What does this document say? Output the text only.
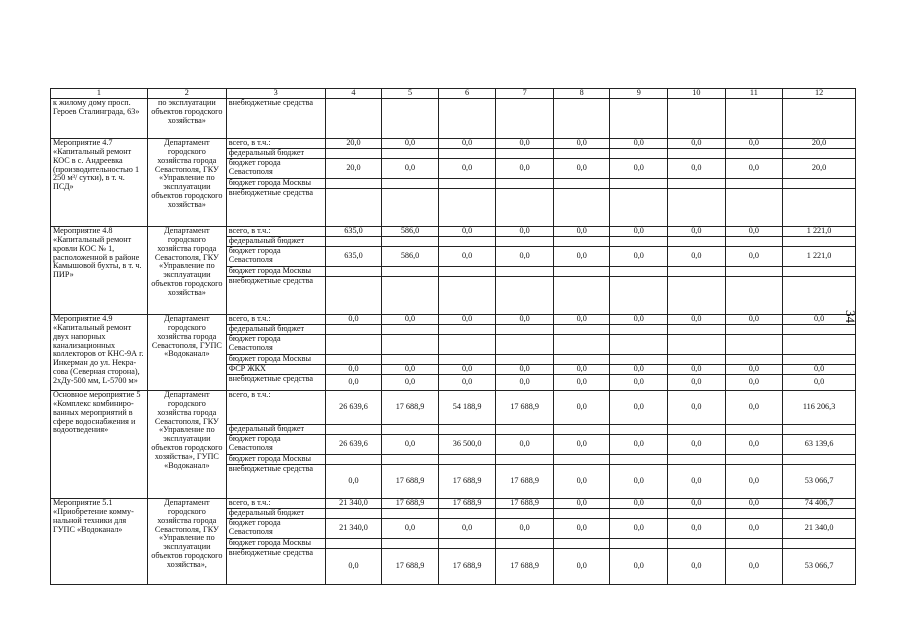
1	2	3	4	5	6	7	8	9	10	11	12
к жилому дому просп. Героев Сталинграда, 63»	по эксплуатации объектов городского хозяйства»	внебюджетные средства									
Мероприятие 4.7 «Капитальный ремонт КОС в с. Андреевка (производительностью 1 250 м³/ сутки), в т. ч. ПСД»	Департамент городского хозяйства города Севастополя, ГКУ «Управление по эксплуатации объектов городского хозяйства»	всего, в т.ч.:	20,0	0,0	0,0	0,0	0,0	0,0	0,0	0,0	20,0
		федеральный бюджет									

		бюджет города Севастополя	20,0	0,0	0,0	0,0	0,0	0,0	0,0	0,0	20,0
		бюджет города Москвы									
		внебюджетные средства									
Мероприятие 4.8 «Капитальный ремонт кровли КОС № 1, расположенной в районе Камышовой бухты, в т. ч. ПИР»	Департамент городского хозяйства города Севастополя, ГКУ «Управление по эксплуатации объектов городского хозяйства»	всего, в т.ч.:	635,0	586,0	0,0	0,0	0,0	0,0	0,0	0,0	1 221,0
		федеральный бюджет									

		бюджет города Севастополя	635,0	586,0	0,0	0,0	0,0	0,0	0,0	0,0	1 221,0
		бюджет города Москвы									
		внебюджетные средства									
Мероприятие 4.9 «Капитальный ремонт двух напорных канализационных коллекторов от КНС-9А г. Инкерман до ул. Некра-сова (Северная сторона), 2хДу-500 мм, L-5700 м»	Департамент городского хозяйства города Севастополя, ГУПС «Водоканал»	всего, в т.ч.:	0,0	0,0	0,0	0,0	0,0	0,0	0,0	0,0	0,0
		федеральный бюджет									

		бюджет города Севастополя									

		бюджет города Москвы									
		ФСР ЖКХ	0,0	0,0	0,0	0,0	0,0	0,0	0,0	0,0	0,0
		внебюджетные средства	0,0	0,0	0,0	0,0	0,0	0,0	0,0	0,0	0,0
Основное мероприятие 5 «Комплекс комбиниро-ванных мероприятий в сфере водоснабжения и водоотведения»	Департамент городского хозяйства города Севастополя, ГКУ «Управление по эксплуатации объектов городского хозяйства», ГУПС «Водоканал»	всего, в т.ч.:	26 639,6	17 688,9	54 188,9	17 688,9	0,0	0,0	0,0	0,0	116 206,3
		федеральный бюджет									

		бюджет города Севастополя	26 639,6	0,0	36 500,0	0,0	0,0	0,0	0,0	0,0	63 139,6
		бюджет города Москвы									
		внебюджетные средства	0,0	17 688,9	17 688,9	17 688,9	0,0	0,0	0,0	0,0	53 066,7
Мероприятие 5.1 «Приобретение комму-нальной техники для ГУПС «Водоканал»	Департамент городского хозяйства города Севастополя, ГКУ «Управление по эксплуатации объектов городского хозяйства»,	всего, в т.ч.:	21 340,0	17 688,9	17 688,9	17 688,9	0,0	0,0	0,0	0,0	74 406,7
		федеральный бюджет									

		бюджет города Севастополя	21 340,0	0,0	0,0	0,0	0,0	0,0	0,0	0,0	21 340,0
		бюджет города Москвы									
		внебюджетные средства	0,0	17 688,9	17 688,9	17 688,9	0,0	0,0	0,0	0,0	53 066,7
34
